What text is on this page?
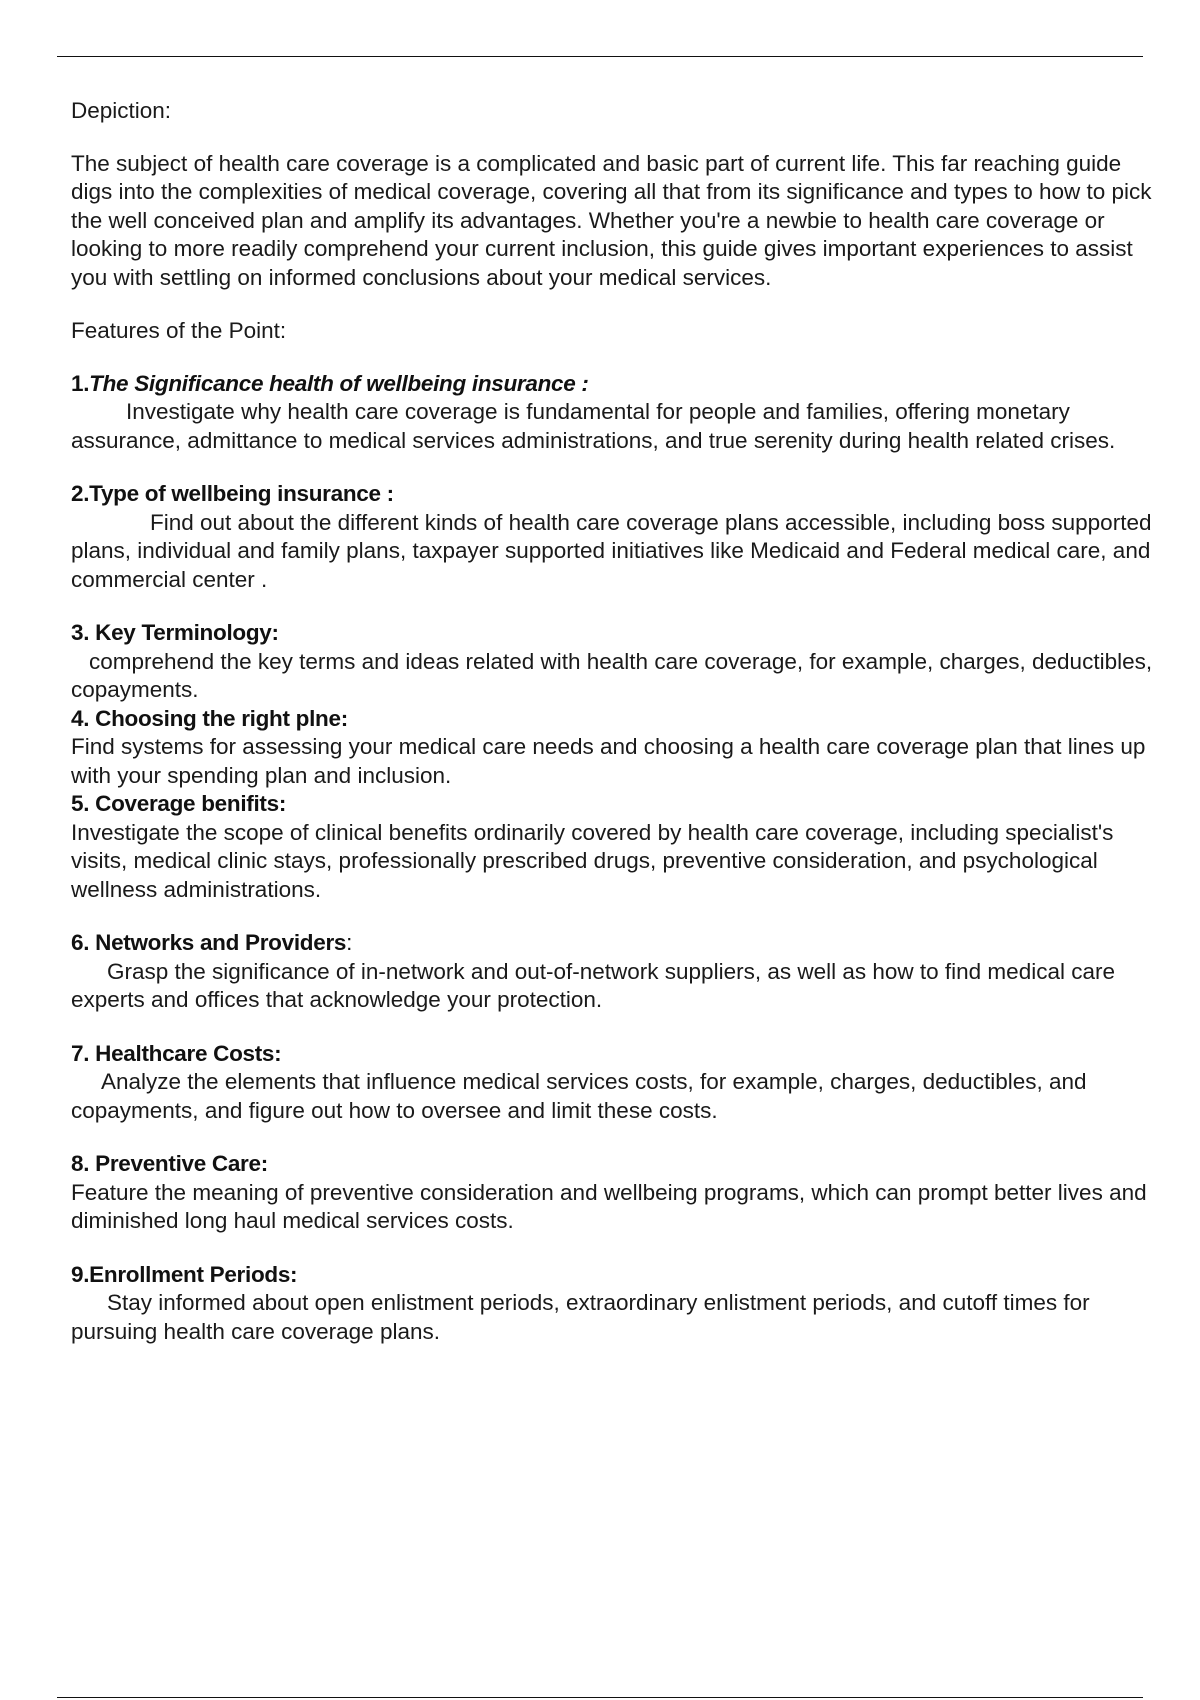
Depiction:

The subject of health care coverage is a complicated and basic part of current life. This far reaching guide digs into the complexities of medical coverage, covering all that from its significance and types to how to pick the well conceived plan and amplify its advantages. Whether you're a newbie to health care coverage or looking to more readily comprehend your current inclusion, this guide gives important experiences to assist you with settling on informed conclusions about your medical services.

Features of the Point:

1.The Significance health of wellbeing insurance :

Investigate why health care coverage is fundamental for people and families, offering monetary assurance, admittance to medical services administrations, and true serenity during health related crises.

2.Type of wellbeing insurance :

Find out about the different kinds of health care coverage plans accessible, including boss supported plans, individual and family plans, taxpayer supported initiatives like Medicaid and Federal medical care, and commercial center .

3. Key Terminology:

comprehend the key terms and ideas related with health care coverage, for example, charges, deductibles, copayments.

4. Choosing the right plne:

Find systems for assessing your medical care needs and choosing a health care coverage plan that lines up with your spending plan and inclusion.

5. Coverage benifits:

Investigate the scope of clinical benefits ordinarily covered by health care coverage, including specialist's visits, medical clinic stays, professionally prescribed drugs, preventive consideration, and psychological wellness administrations.

6. Networks and Providers:

Grasp the significance of in-network and out-of-network suppliers, as well as how to find medical care experts and offices that acknowledge your protection.

7. Healthcare Costs:

Analyze the elements that influence medical services costs, for example, charges, deductibles, and copayments, and figure out how to oversee and limit these costs.

8. Preventive Care:

Feature the meaning of preventive consideration and wellbeing programs, which can prompt better lives and diminished long haul medical services costs.

9.Enrollment Periods:

Stay informed about open enlistment periods, extraordinary enlistment periods, and cutoff times for pursuing health care coverage plans.
